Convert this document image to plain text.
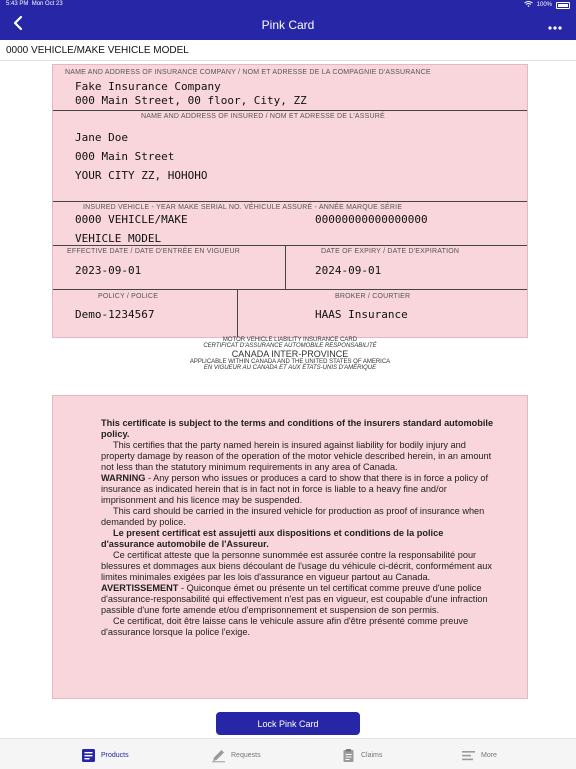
5:43 PM Mon Oct 23	100%
Pink Card
0000 VEHICLE/MAKE VEHICLE MODEL
NAME AND ADDRESS OF INSURANCE COMPANY / NOM ET ADRESSE DE LA COMPAGNIE D'ASSURANCE
Fake Insurance Company
000 Main Street, 00 floor, City, ZZ
NAME AND ADDRESS OF INSURED / NOM ET ADRESSE DE L'ASSURÉ
Jane Doe
000 Main Street
YOUR CITY ZZ, HOHOHO
INSURED VEHICLE - YEAR MAKE SERIAL NO. VÉHICULE ASSURÉ - ANNÉE MARQUE SÉRIE
0000 VEHICLE/MAKE	00000000000000000
VEHICLE MODEL
EFFECTIVE DATE / DATE D'ENTRÉE EN VIGUEUR
2023-09-01
DATE OF EXPIRY / DATE D'EXPIRATION
2024-09-01
POLICY / POLICE
Demo-1234567
BROKER / COURTIER
HAAS Insurance
MOTOR VEHICLE LIABILITY INSURANCE CARD
CERTIFICAT D'ASSURANCE AUTOMOBILE RESPONSABILITÉ
CANADA INTER-PROVINCE
APPLICABLE WITHIN CANADA AND THE UNITED STATES OF AMERICA
EN VIGUEUR AU CANADA ET AUX ÉTATS-UNIS D'AMÉRIQUE

This certificate is subject to the terms and conditions of the insurers standard automobile policy.

This certifies that the party named herein is insured against liability for bodily injury and property damage by reason of the operation of the motor vehicle described herein, in an amount not less than the statutory minimum requirements in any area of Canada.

WARNING - Any person who issues or produces a card to show that there is in force a policy of insurance as indicated herein that is in fact not in force is liable to a heavy fine and/or imprisonment and his licence may be suspended.

This card should be carried in the insured vehicle for production as proof of insurance when demanded by police.

Le present certificat est assujetti aux dispositions et conditions de la police d'assurance automobile de l'Assureur.

Ce certificat atteste que la personne sunommée est assurée contre la responsabilité pour blessures et dommages aux biens découlant de l'usage du véhicule ci-décrit, conformément aux limites minimales exigées par les lois d'assurance en vigueur partout au Canada.

AVERTISSEMENT - Quiconque émet ou présente un tel certificat comme preuve d'une police d'assurance-responsabilité qui effectivement n'est pas en vigueur, est coupable d'une infraction passible d'une forte amende et/ou d'emprisonnement et suspension de son permis.

Ce certificat, doit être laisse cans le vehicule assure afin d'être présenté comme preuve d'assurance lorsque la police l'exige.

Lock Pink Card
Products	Requests	Claims	More
